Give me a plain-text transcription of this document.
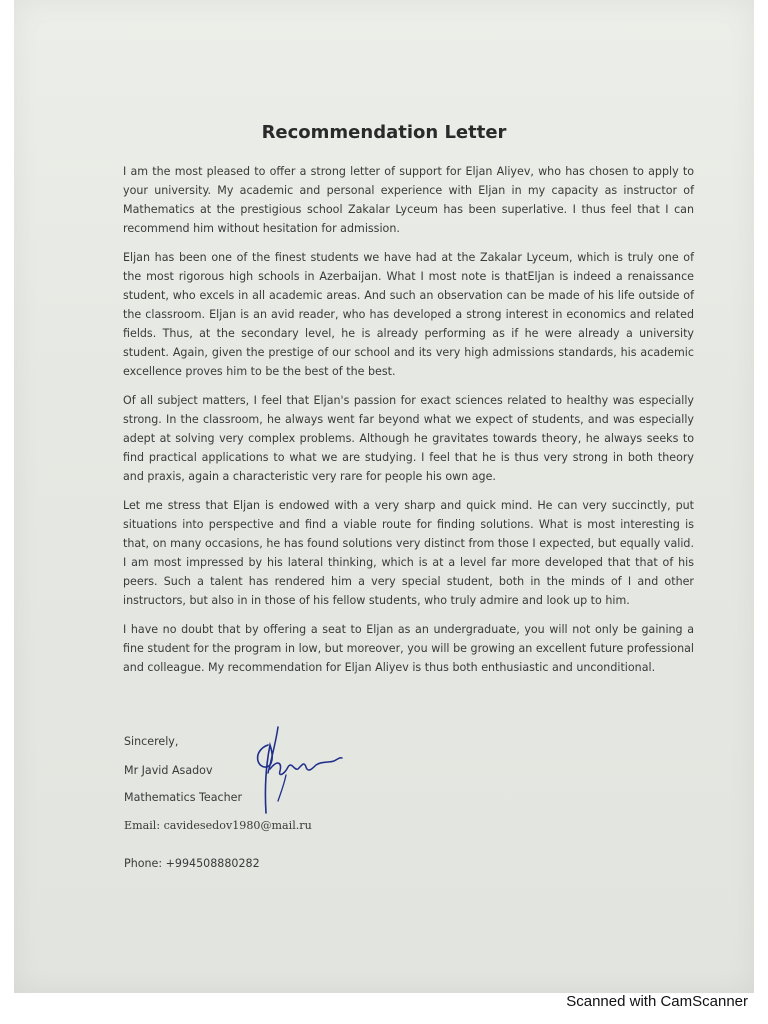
Recommendation Letter

I am the most pleased to offer a strong letter of support for Eljan Aliyev, who has chosen to apply to your university. My academic and personal experience with Eljan in my capacity as instructor of Mathematics at the prestigious school Zakalar Lyceum has been superlative. I thus feel that I can recommend him without hesitation for admission.

Eljan has been one of the finest students we have had at the Zakalar Lyceum, which is truly one of the most rigorous high schools in Azerbaijan. What I most note is thatEljan is indeed a renaissance student, who excels in all academic areas. And such an observation can be made of his life outside of the classroom. Eljan is an avid reader, who has developed a strong interest in economics and related fields. Thus, at the secondary level, he is already performing as if he were already a university student. Again, given the prestige of our school and its very high admissions standards, his academic excellence proves him to be the best of the best.

Of all subject matters, I feel that Eljan's passion for exact sciences related to healthy was especially strong. In the classroom, he always went far beyond what we expect of students, and was especially adept at solving very complex problems. Although he gravitates towards theory, he always seeks to find practical applications to what we are studying. I feel that he is thus very strong in both theory and praxis, again a characteristic very rare for people his own age.

Let me stress that Eljan is endowed with a very sharp and quick mind. He can very succinctly, put situations into perspective and find a viable route for finding solutions. What is most interesting is that, on many occasions, he has found solutions very distinct from those I expected, but equally valid. I am most impressed by his lateral thinking, which is at a level far more developed that that of his peers. Such a talent has rendered him a very special student, both in the minds of I and other instructors, but also in in those of his fellow students, who truly admire and look up to him.

I have no doubt that by offering a seat to Eljan as an undergraduate, you will not only be gaining a fine student for the program in low, but moreover, you will be growing an excellent future professional and colleague. My recommendation for Eljan Aliyev is thus both enthusiastic and unconditional.

Sincerely,
Mr Javid Asadov
Mathematics Teacher
Email: cavidesedov1980@mail.ru
Phone: +994508880282
Scanned with CamScanner
